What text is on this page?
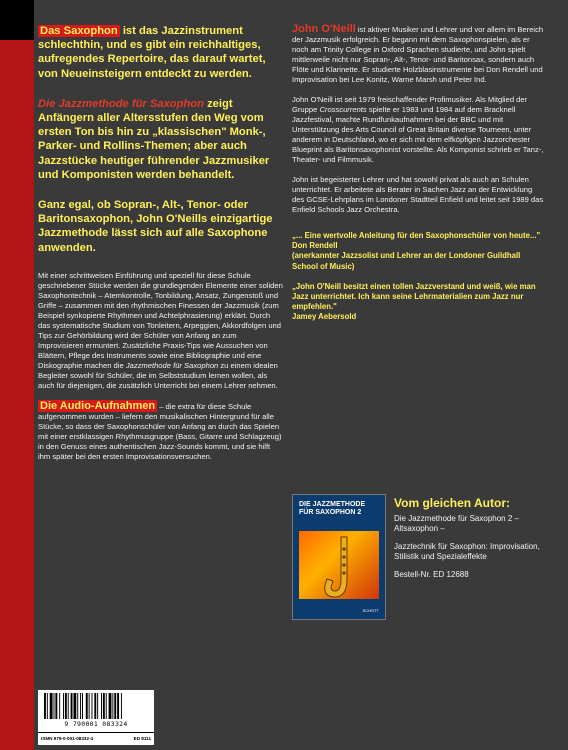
Das Saxophon ist das Jazzinstrument schlechthin, und es gibt ein reichhaltiges, aufregendes Repertoire, das darauf wartet, von Neueinsteigern entdeckt zu werden.

Die Jazzmethode für Saxophon zeigt Anfängern aller Altersstufen den Weg vom ersten Ton bis hin zu „klassischen" Monk-, Parker- und Rollins-Themen; aber auch Jazzstücke heutiger führender Jazzmusiker und Komponisten werden behandelt.

Ganz egal, ob Sopran-, Alt-, Tenor- oder Baritonsaxophon, John O'Neills einzigartige Jazzmethode lässt sich auf alle Saxophone anwenden.

Mit einer schrittweisen Einführung und speziell für diese Schule geschriebener Stücke werden die grundlegenden Elemente einer soliden Saxophontechnik – Atemkontrolle, Tonbildung, Ansatz, Zungenstoß und Griffe – zusammen mit den rhythmischen Finessen der Jazzmusik (zum Beispiel synkopierte Rhythmen und Achtelphrasierung) erklärt. Durch das systematische Studium von Tonleitern, Arpeggien, Akkordfolgen und Tips zur Gehörbildung wird der Schüler von Anfang an zum Improvisieren ermuntert. Zusätzliche Praxis-Tips wie Aussuchen von Blättern, Pflege des Instruments sowie eine Bibliographie und eine Diskographie machen die Jazzmethode für Saxophon zu einem idealen Begleiter sowohl für Schüler, die im Selbststudium lernen wollen, als auch für diejenigen, die zusätzlich Unterricht bei einem Lehrer nehmen.

Die Audio-Aufnahmen – die extra für diese Schule aufgenommen wurden – liefern den musikalischen Hintergrund für alle Stücke, so dass der Saxophonschüler von Anfang an durch das Spielen mit einer erstklassigen Rhythmusgruppe (Bass, Gitarre und Schlagzeug) in den Genuss eines authentischen Jazz-Sounds kommt, und sie hilft ihm später bei den ersten Improvisationsversuchen.

John O'Neill ist aktiver Musiker und Lehrer und vor allem im Bereich der Jazzmusik erfolgreich. Er begann mit dem Saxophonspielen, als er noch am Trinity College in Oxford Sprachen studierte, und John spielt mittlerweile nicht nur Sopran-, Alt-, Tenor- und Baritonsax, sondern auch Flöte und Klarinette. Er studierte Holzblasinstrumente bei Don Rendell und Improvisation bei Lee Konitz, Warne Marsh und Peter Ind.

John O'Neill ist seit 1979 freischaffender Profimusiker. Als Mitglied der Gruppe Crosscurrents spielte er 1983 und 1984 auf dem Bracknell Jazzfestival, machte Rundfunkaufnahmen bei der BBC und mit Unterstützung des Arts Council of Great Britain diverse Tourneen, unter anderem in Deutschland, wo er sich mit dem elfköpfigen Jazzorchester Blueprint als Baritonsaxophonist vorstellte. Als Komponist schrieb er Tanz-, Theater- und Filmmusik.

John ist begeisterter Lehrer und hat sowohl privat als auch an Schulen unterrichtet. Er arbeitete als Berater in Sachen Jazz an der Entwicklung des GCSE-Lehrplans im Londoner Stadtteil Enfield und leitet seit 1989 das Enfield Schools Jazz Orchestra.

„... Eine wertvolle Anleitung für den Saxophonschüler von heute..."
Don Rendell
(anerkannter Jazzsolist und Lehrer an der Londoner Guildhall School of Music)

„John O'Neill besitzt einen tollen Jazzverstand und weiß, wie man Jazz unterrichtet. Ich kann seine Lehrmaterialien zum Jazz nur empfehlen."
Jamey Aebersold

DIE JAZZMETHODE FÜR SAXOPHON 2
SCHOTT

Vom gleichen Autor:

Die Jazzmethode für Saxophon 2 – Altsaxophon –

Jazztechnik für Saxophon: Improvisation, Stilistik und Spezialeffekte

Bestell-Nr. ED 12688

9 790001 083324
ISMN 979-0-001-08332-4	ED 8111
